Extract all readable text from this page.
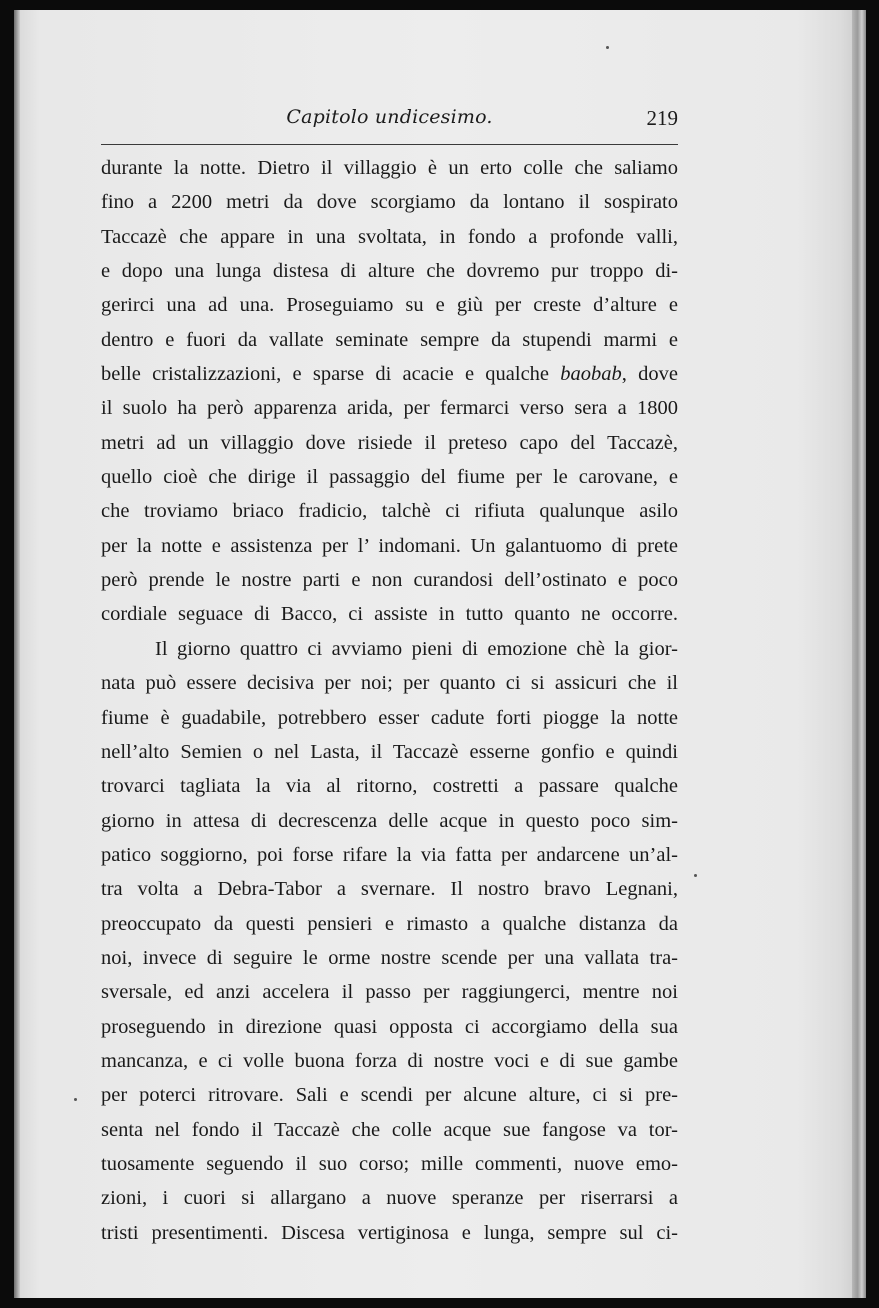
Capitolo undicesimo.	219
durante la notte. Dietro il villaggio è un erto colle che saliamo
fino a 2200 metri da dove scorgiamo da lontano il sospirato
Taccazè che appare in una svoltata, in fondo a profonde valli,
e dopo una lunga distesa di alture che dovremo pur troppo di-
gerirci una ad una. Proseguiamo su e giù per creste d’alture e
dentro e fuori da vallate seminate sempre da stupendi marmi e
belle cristalizzazioni, e sparse di acacie e qualche baobab, dove
il suolo ha però apparenza arida, per fermarci verso sera a 1800
metri ad un villaggio dove risiede il preteso capo del Taccazè,
quello cioè che dirige il passaggio del fiume per le carovane, e
che troviamo briaco fradicio, talchè ci rifiuta qualunque asilo
per la notte e assistenza per l’ indomani. Un galantuomo di prete
però prende le nostre parti e non curandosi dell’ostinato e poco
cordiale seguace di Bacco, ci assiste in tutto quanto ne occorre.
Il giorno quattro ci avviamo pieni di emozione chè la gior-
nata può essere decisiva per noi; per quanto ci si assicuri che il
fiume è guadabile, potrebbero esser cadute forti piogge la notte
nell’alto Semien o nel Lasta, il Taccazè esserne gonfio e quindi
trovarci tagliata la via al ritorno, costretti a passare qualche
giorno in attesa di decrescenza delle acque in questo poco sim-
patico soggiorno, poi forse rifare la via fatta per andarcene un’al-
tra volta a Debra-Tabor a svernare. Il nostro bravo Legnani,
preoccupato da questi pensieri e rimasto a qualche distanza da
noi, invece di seguire le orme nostre scende per una vallata tra-
sversale, ed anzi accelera il passo per raggiungerci, mentre noi
proseguendo in direzione quasi opposta ci accorgiamo della sua
mancanza, e ci volle buona forza di nostre voci e di sue gambe
per poterci ritrovare. Sali e scendi per alcune alture, ci si pre-
senta nel fondo il Taccazè che colle acque sue fangose va tor-
tuosamente seguendo il suo corso; mille commenti, nuove emo-
zioni, i cuori si allargano a nuove speranze per riserrarsi a
tristi presentimenti. Discesa vertiginosa e lunga, sempre sul ci-
